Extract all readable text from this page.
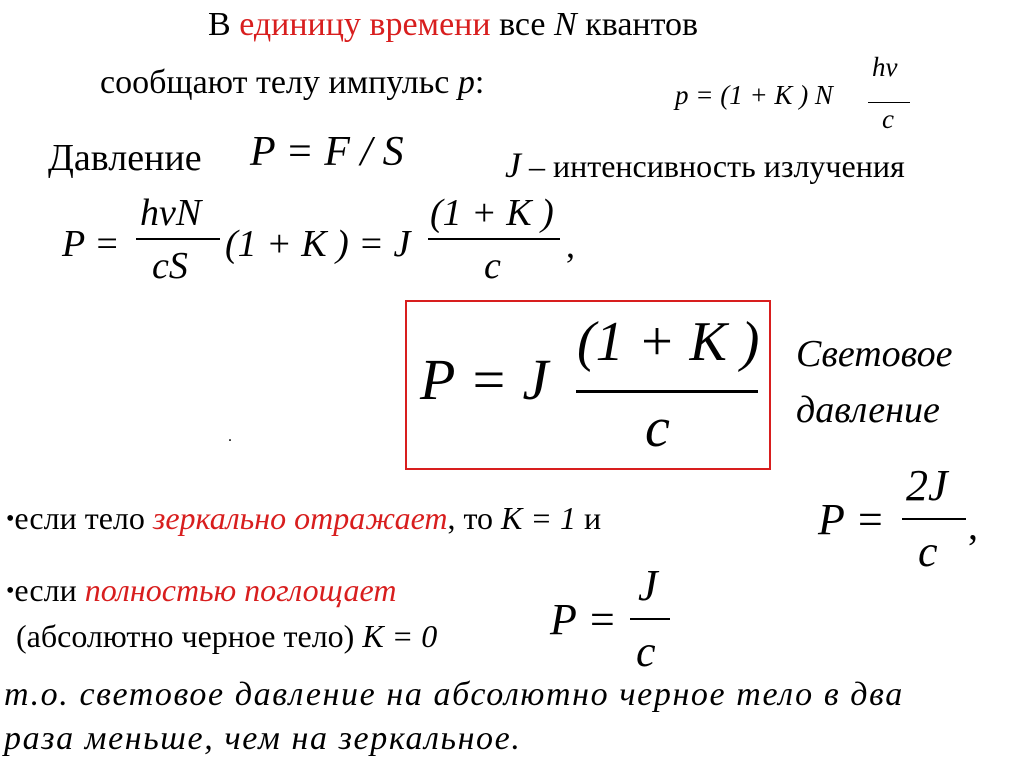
В единицу времени все N квантов
сообщают телу импульс p:	p = (1 + K ) N
hν
c
Давление P = F / S	J – интенсивность излучения
P =
hνN
cS
(1 + K ) = J
(1 + K )
c ,
P = J
(1 + K )
c
.
Световое
давление
•если тело зеркально отражает, то K = 1 и	P =
2J
c
,
•если полностью поглощает
(абсолютно черное тело) K = 0	P =
J
c
т.о. световое давление на абсолютно черное тело в два
раза меньше, чем на зеркальное.
